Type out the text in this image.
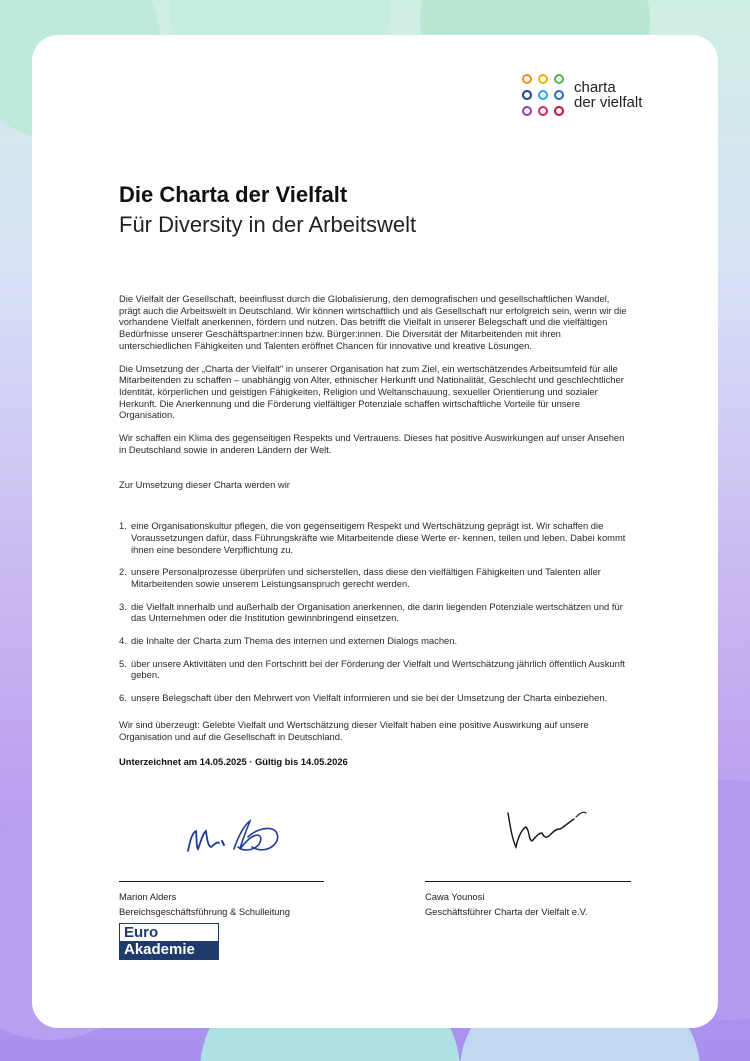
charta
der vielfalt
Die Charta der Vielfalt
Für Diversity in der Arbeitswelt

Die Vielfalt der Gesellschaft, beeinflusst durch die Globalisierung, den demografischen und gesellschaftlichen Wandel, prägt auch die Arbeitswelt in Deutschland. Wir können wirtschaftlich und als Gesellschaft nur erfolgreich sein, wenn wir die vorhandene Vielfalt anerkennen, fördern und nutzen. Das betrifft die Vielfalt in unserer Belegschaft und die vielfältigen Bedürfnisse unserer Geschäftspartner:innen bzw. Bürger:innen. Die Diversität der Mitarbeitenden mit ihren unterschiedlichen Fähigkeiten und Talenten eröffnet Chancen für innovative und kreative Lösungen.

Die Umsetzung der „Charta der Vielfalt" in unserer Organisation hat zum Ziel, ein wertschätzendes Arbeitsumfeld für alle Mitarbeitenden zu schaffen – unabhängig von Alter, ethnischer Herkunft und Nationalität, Geschlecht und geschlechtlicher Identität, körperlichen und geistigen Fähigkeiten, Religion und Weltanschauung, sexueller Orientierung und sozialer Herkunft. Die Anerkennung und die Förderung vielfältiger Potenziale schaffen wirtschaftliche Vorteile für unsere Organisation.

Wir schaffen ein Klima des gegenseitigen Respekts und Vertrauens. Dieses hat positive Auswirkungen auf unser Ansehen in Deutschland sowie in anderen Ländern der Welt.

Zur Umsetzung dieser Charta werden wir

1. eine Organisationskultur pflegen, die von gegenseitigem Respekt und Wertschätzung geprägt ist. Wir schaffen die Voraussetzungen dafür, dass Führungskräfte wie Mitarbeitende diese Werte er- kennen, teilen und leben. Dabei kommt ihnen eine besondere Verpflichtung zu.
2. unsere Personalprozesse überprüfen und sicherstellen, dass diese den vielfältigen Fähigkeiten und Talenten aller Mitarbeitenden sowie unserem Leistungsanspruch gerecht werden.
3. die Vielfalt innerhalb und außerhalb der Organisation anerkennen, die darin liegenden Potenziale wertschätzen und für das Unternehmen oder die Institution gewinnbringend einsetzen.
4. die Inhalte der Charta zum Thema des internen und externen Dialogs machen.
5. über unsere Aktivitäten und den Fortschritt bei der Förderung der Vielfalt und Wertschätzung jährlich öffentlich Auskunft geben.
6. unsere Belegschaft über den Mehrwert von Vielfalt informieren und sie bei der Umsetzung der Charta einbeziehen.

Wir sind überzeugt: Gelebte Vielfalt und Wertschätzung dieser Vielfalt haben eine positive Auswirkung auf unsere Organisation und auf die Gesellschaft in Deutschland.

Unterzeichnet am 14.05.2025 · Gültig bis 14.05.2026

Marion Alders
Bereichsgeschäftsführung & Schulleitung
Cawa Younosi
Geschäftsführer Charta der Vielfalt e.V.
Euro
Akademie
